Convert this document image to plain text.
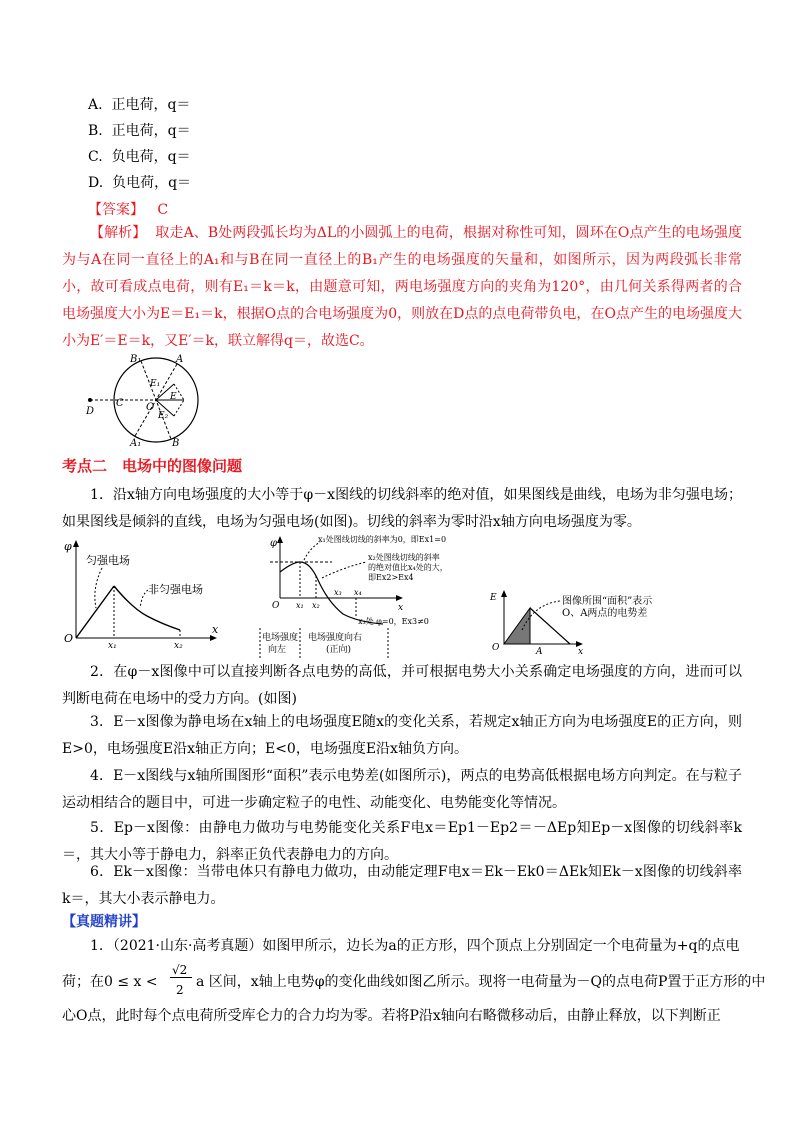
A. 正电荷，q＝
B. 正电荷，q＝
C. 负电荷，q＝
D. 负电荷，q＝
【答案】 C
【解析】 取走A、B处两段弧长均为ΔL的小圆弧上的电荷，根据对称性可知，圆环在O点产生的电场强度为与A在同一直径上的A₁和与B在同一直径上的B₁产生的电场强度的矢量和，如图所示，因为两段弧长非常小，故可看成点电荷，则有E₁＝k＝k，由题意可知，两电场强度方向的夹角为120°，由几何关系得两者的合电场强度大小为E＝E₁＝k，根据O点的合电场强度为0，则放在D点的点电荷带负电，在O点产生的电场强度大小为E′＝E＝k，又E′＝k，联立解得q＝，故选C。
B₁	A
E₁
E
D
C O
E₂
A₁	B
考点二　电场中的图像问题
1．沿x轴方向电场强度的大小等于φ－x图线的切线斜率的绝对值，如果图线是曲线，电场为非匀强电场；如果图线是倾斜的直线，电场为匀强电场(如图)。切线的斜率为零时沿x轴方向电场强度为零。
φ
x
O
x₁	x₂
匀强电场
非匀强电场
φ
x
O x₁ x₂
x₃ x₄
x₁处图线切线的斜率为0，即Ex1=0
x₂处图线切线的斜率
的绝对值比x₄处的大，
即Ex2>Ex4
x₃处 φ=0，Ex3≠0
电场强度
向左
电场强度向右
(正向)
E
x
O	A
图像所围“面积”表示
O、A两点的电势差
2．在φ－x图像中可以直接判断各点电势的高低，并可根据电势大小关系确定电场强度的方向，进而可以判断电荷在电场中的受力方向。(如图)
3．E－x图像为静电场在x轴上的电场强度E随x的变化关系，若规定x轴正方向为电场强度E的正方向，则E>0，电场强度E沿x轴正方向；E<0，电场强度E沿x轴负方向。
4．E－x图线与x轴所围图形“面积”表示电势差(如图所示)，两点的电势高低根据电场方向判定。在与粒子运动相结合的题目中，可进一步确定粒子的电性、动能变化、电势能变化等情况。
5．Ep－x图像：由静电力做功与电势能变化关系F电x＝Ep1－Ep2＝－ΔEp知Ep－x图像的切线斜率k＝，其大小等于静电力，斜率正负代表静电力的方向。
6．Ek－x图像：当带电体只有静电力做功，由动能定理F电x＝Ek－Ek0＝ΔEk知Ek－x图像的切线斜率k＝，其大小表示静电力。
【真题精讲】
1．（2021·山东·高考真题）如图甲所示，边长为a的正方形，四个顶点上分别固定一个电荷量为+q的点电
荷；在0 ≤ x <
√2
2 a 区间，x轴上电势φ的变化曲线如图乙所示。现将一电荷量为－Q的点电荷P置于正方形的中
心O点，此时每个点电荷所受库仑力的合力均为零。若将P沿x轴向右略微移动后，由静止释放，以下判断正
